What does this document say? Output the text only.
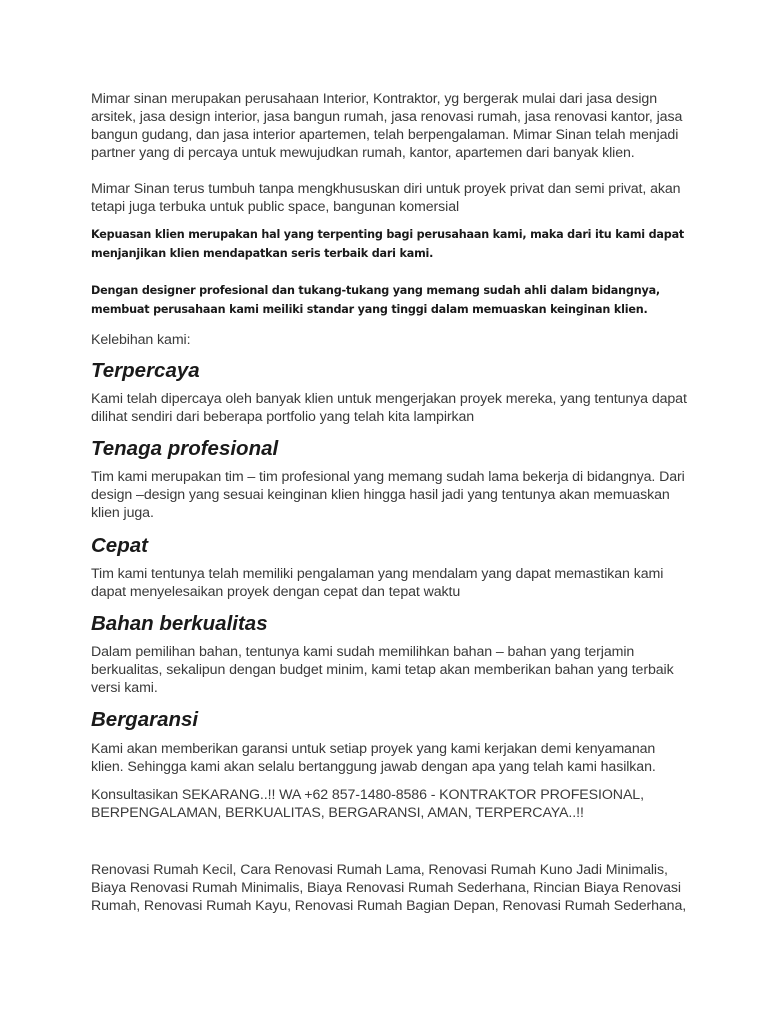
Mimar sinan merupakan perusahaan Interior, Kontraktor, yg bergerak mulai dari jasa design arsitek, jasa design interior, jasa bangun rumah, jasa renovasi rumah, jasa renovasi kantor, jasa bangun gudang, dan jasa interior apartemen, telah berpengalaman. Mimar Sinan telah menjadi partner yang di percaya untuk mewujudkan rumah, kantor, apartemen dari banyak klien.

Mimar Sinan terus tumbuh tanpa mengkhususkan diri untuk proyek privat dan semi privat, akan tetapi juga terbuka untuk public space, bangunan komersial

Kepuasan klien merupakan hal yang terpenting bagi perusahaan kami, maka dari itu kami dapat menjanjikan klien mendapatkan seris terbaik dari kami.

Dengan designer profesional dan tukang-tukang yang memang sudah ahli dalam bidangnya, membuat perusahaan kami meiliki standar yang tinggi dalam memuaskan keinginan klien.

Kelebihan kami:

Terpercaya

Kami telah dipercaya oleh banyak klien untuk mengerjakan proyek mereka, yang tentunya dapat dilihat sendiri dari beberapa portfolio yang telah kita lampirkan

Tenaga profesional

Tim kami merupakan tim – tim profesional yang memang sudah lama bekerja di bidangnya. Dari design –design yang sesuai keinginan klien hingga hasil jadi yang tentunya akan memuaskan klien juga.

Cepat

Tim kami tentunya telah memiliki pengalaman yang mendalam yang dapat memastikan kami dapat menyelesaikan proyek dengan cepat dan tepat waktu

Bahan berkualitas

Dalam pemilihan bahan, tentunya kami sudah memilihkan bahan – bahan yang terjamin berkualitas, sekalipun dengan budget minim, kami tetap akan memberikan bahan yang terbaik versi kami.

Bergaransi

Kami akan memberikan garansi untuk setiap proyek yang kami kerjakan demi kenyamanan klien. Sehingga kami akan selalu bertanggung jawab dengan apa yang telah kami hasilkan.

Konsultasikan SEKARANG..!! WA +62 857-1480-8586 - KONTRAKTOR PROFESIONAL, BERPENGALAMAN, BERKUALITAS, BERGARANSI, AMAN, TERPERCAYA..!!

Renovasi Rumah Kecil, Cara Renovasi Rumah Lama, Renovasi Rumah Kuno Jadi Minimalis, Biaya Renovasi Rumah Minimalis, Biaya Renovasi Rumah Sederhana, Rincian Biaya Renovasi Rumah, Renovasi Rumah Kayu, Renovasi Rumah Bagian Depan, Renovasi Rumah Sederhana,
